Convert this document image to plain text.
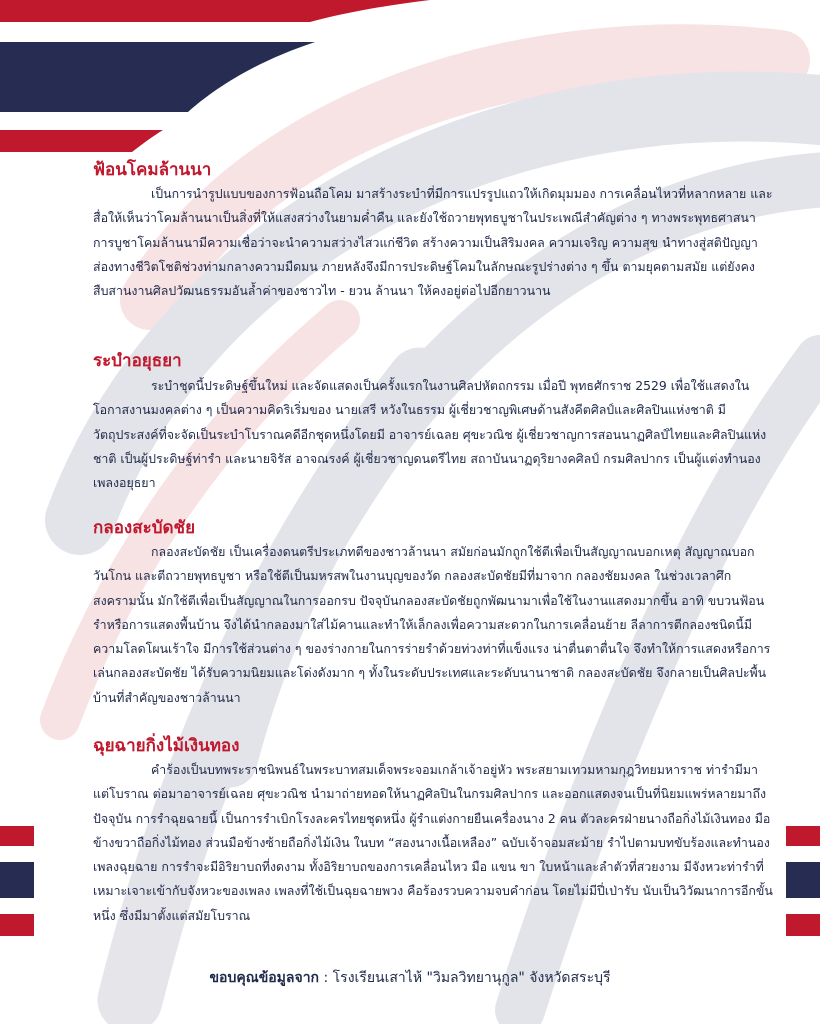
ฟ้อนโคมล้านนา

เป็นการนำรูปแบบของการฟ้อนถือโคม มาสร้างระบำที่มีการแปรรูปแถวให้เกิดมุมมอง การเคลื่อนไหวที่หลากหลาย และสื่อให้เห็นว่าโคมล้านนาเป็นสิ่งที่ให้แสงสว่างในยามค่ำคืน และยังใช้ถวายพุทธบูชาในประเพณีสำคัญต่าง ๆ ทางพระพุทธศาสนา การบูชาโคมล้านนามีความเชื่อว่าจะนำความสว่างไสวแก่ชีวิต สร้างความเป็นสิริมงคล ความเจริญ ความสุข นำทางสู่สติปัญญา ส่องทางชีวิตโชติช่วงท่ามกลางความมืดมน ภายหลังจึงมีการประดิษฐ์โคมในลักษณะรูปร่างต่าง ๆ ขึ้น ตามยุคตามสมัย แต่ยังคงสืบสานงานศิลปวัฒนธรรมอันล้ำค่าของชาวไท - ยวน ล้านนา ให้คงอยู่ต่อไปอีกยาวนาน

ระบำอยุธยา

ระบำชุดนี้ประดิษฐ์ขึ้นใหม่ และจัดแสดงเป็นครั้งแรกในงานศิลปหัตถกรรม เมื่อปี พุทธศักราช 2529 เพื่อใช้แสดงในโอกาสงานมงคลต่าง ๆ เป็นความคิดริเริ่มของ นายเสรี หวังในธรรม ผู้เชี่ยวชาญพิเศษด้านสังคีตศิลป์และศิลปินแห่งชาติ มีวัตถุประสงค์ที่จะจัดเป็นระบำโบราณคดีอีกชุดหนึ่งโดยมี อาจารย์เฉลย ศุขะวณิช ผู้เชี่ยวชาญการสอนนาฏศิลป์ไทยและศิลปินแห่งชาติ เป็นผู้ประดิษฐ์ท่ารำ และนายจิรัส อาจณรงค์ ผู้เชี่ยวชาญดนตรีไทย สถาบันนาฏดุริยางคศิลป์ กรมศิลปากร เป็นผู้แต่งทำนองเพลงอยุธยา

กลองสะบัดชัย

กลองสะบัดชัย เป็นเครื่องดนตรีประเภทตีของชาวล้านนา สมัยก่อนมักถูกใช้ตีเพื่อเป็นสัญญาณบอกเหตุ สัญญาณบอกวันโกน และตีถวายพุทธบูชา หรือใช้ตีเป็นมหรสพในงานบุญของวัด กลองสะบัดชัยมีที่มาจาก กลองชัยมงคล ในช่วงเวลาศึกสงครามนั้น มักใช้ตีเพื่อเป็นสัญญาณในการออกรบ ปัจจุบันกลองสะบัดชัยถูกพัฒนามาเพื่อใช้ในงานแสดงมากขึ้น อาทิ ขบวนฟ้อนรำหรือการแสดงพื้นบ้าน จึงได้นำกลองมาใส่ไม้คานและทำให้เล็กลงเพื่อความสะดวกในการเคลื่อนย้าย ลีลาการตีกลองชนิดนี้มีความโลดโผนเร้าใจ มีการใช้ส่วนต่าง ๆ ของร่างกายในการร่ายรำด้วยท่วงท่าที่แข็งแรง น่าตื่นตาตื่นใจ จึงทำให้การแสดงหรือการเล่นกลองสะบัดชัย ได้รับความนิยมและโด่งดังมาก ๆ ทั้งในระดับประเทศและระดับนานาชาติ กลองสะบัดชัย จึงกลายเป็นศิลปะพื้นบ้านที่สำคัญของชาวล้านนา

ฉุยฉายกิ่งไม้เงินทอง

คำร้องเป็นบทพระราชนิพนธ์ในพระบาทสมเด็จพระจอมเกล้าเจ้าอยู่หัว พระสยามเทวมหามกุฎวิทยมหาราช ท่ารำมีมาแต่โบราณ ต่อมาอาจารย์เฉลย ศุขะวณิช นำมาถ่ายทอดให้นาฏศิลปินในกรมศิลปากร และออกแสดงจนเป็นที่นิยมแพร่หลายมาถึงปัจจุบัน การรำฉุยฉายนี้ เป็นการรำเบิกโรงละครไทยชุดหนึ่ง ผู้รำแต่งกายยืนเครื่องนาง 2 คน ตัวละครฝ่ายนางถือกิ่งไม้เงินทอง มือข้างขวาถือกิ่งไม้ทอง ส่วนมือข้างซ้ายถือกิ่งไม้เงิน ในบท “สองนางเนื้อเหลือง” ฉบับเจ้าจอมสะม้าย รำไปตามบทขับร้องและทำนองเพลงฉุยฉาย การรำจะมีอิริยาบถที่งดงาม ทั้งอิริยาบถของการเคลื่อนไหว มือ แขน ขา ใบหน้าและลำตัวที่สวยงาม มีจังหวะท่ารำที่เหมาะเจาะเข้ากับจังหวะของเพลง เพลงที่ใช้เป็นฉุยฉายพวง คือร้องรวบความจบคำก่อน โดยไม่มีปี่เป่ารับ นับเป็นวิวัฒนาการอีกขั้นหนึ่ง ซึ่งมีมาตั้งแต่สมัยโบราณ

ขอบคุณข้อมูลจาก : โรงเรียนเสาไห้ "วิมลวิทยานุกูล" จังหวัดสระบุรี
